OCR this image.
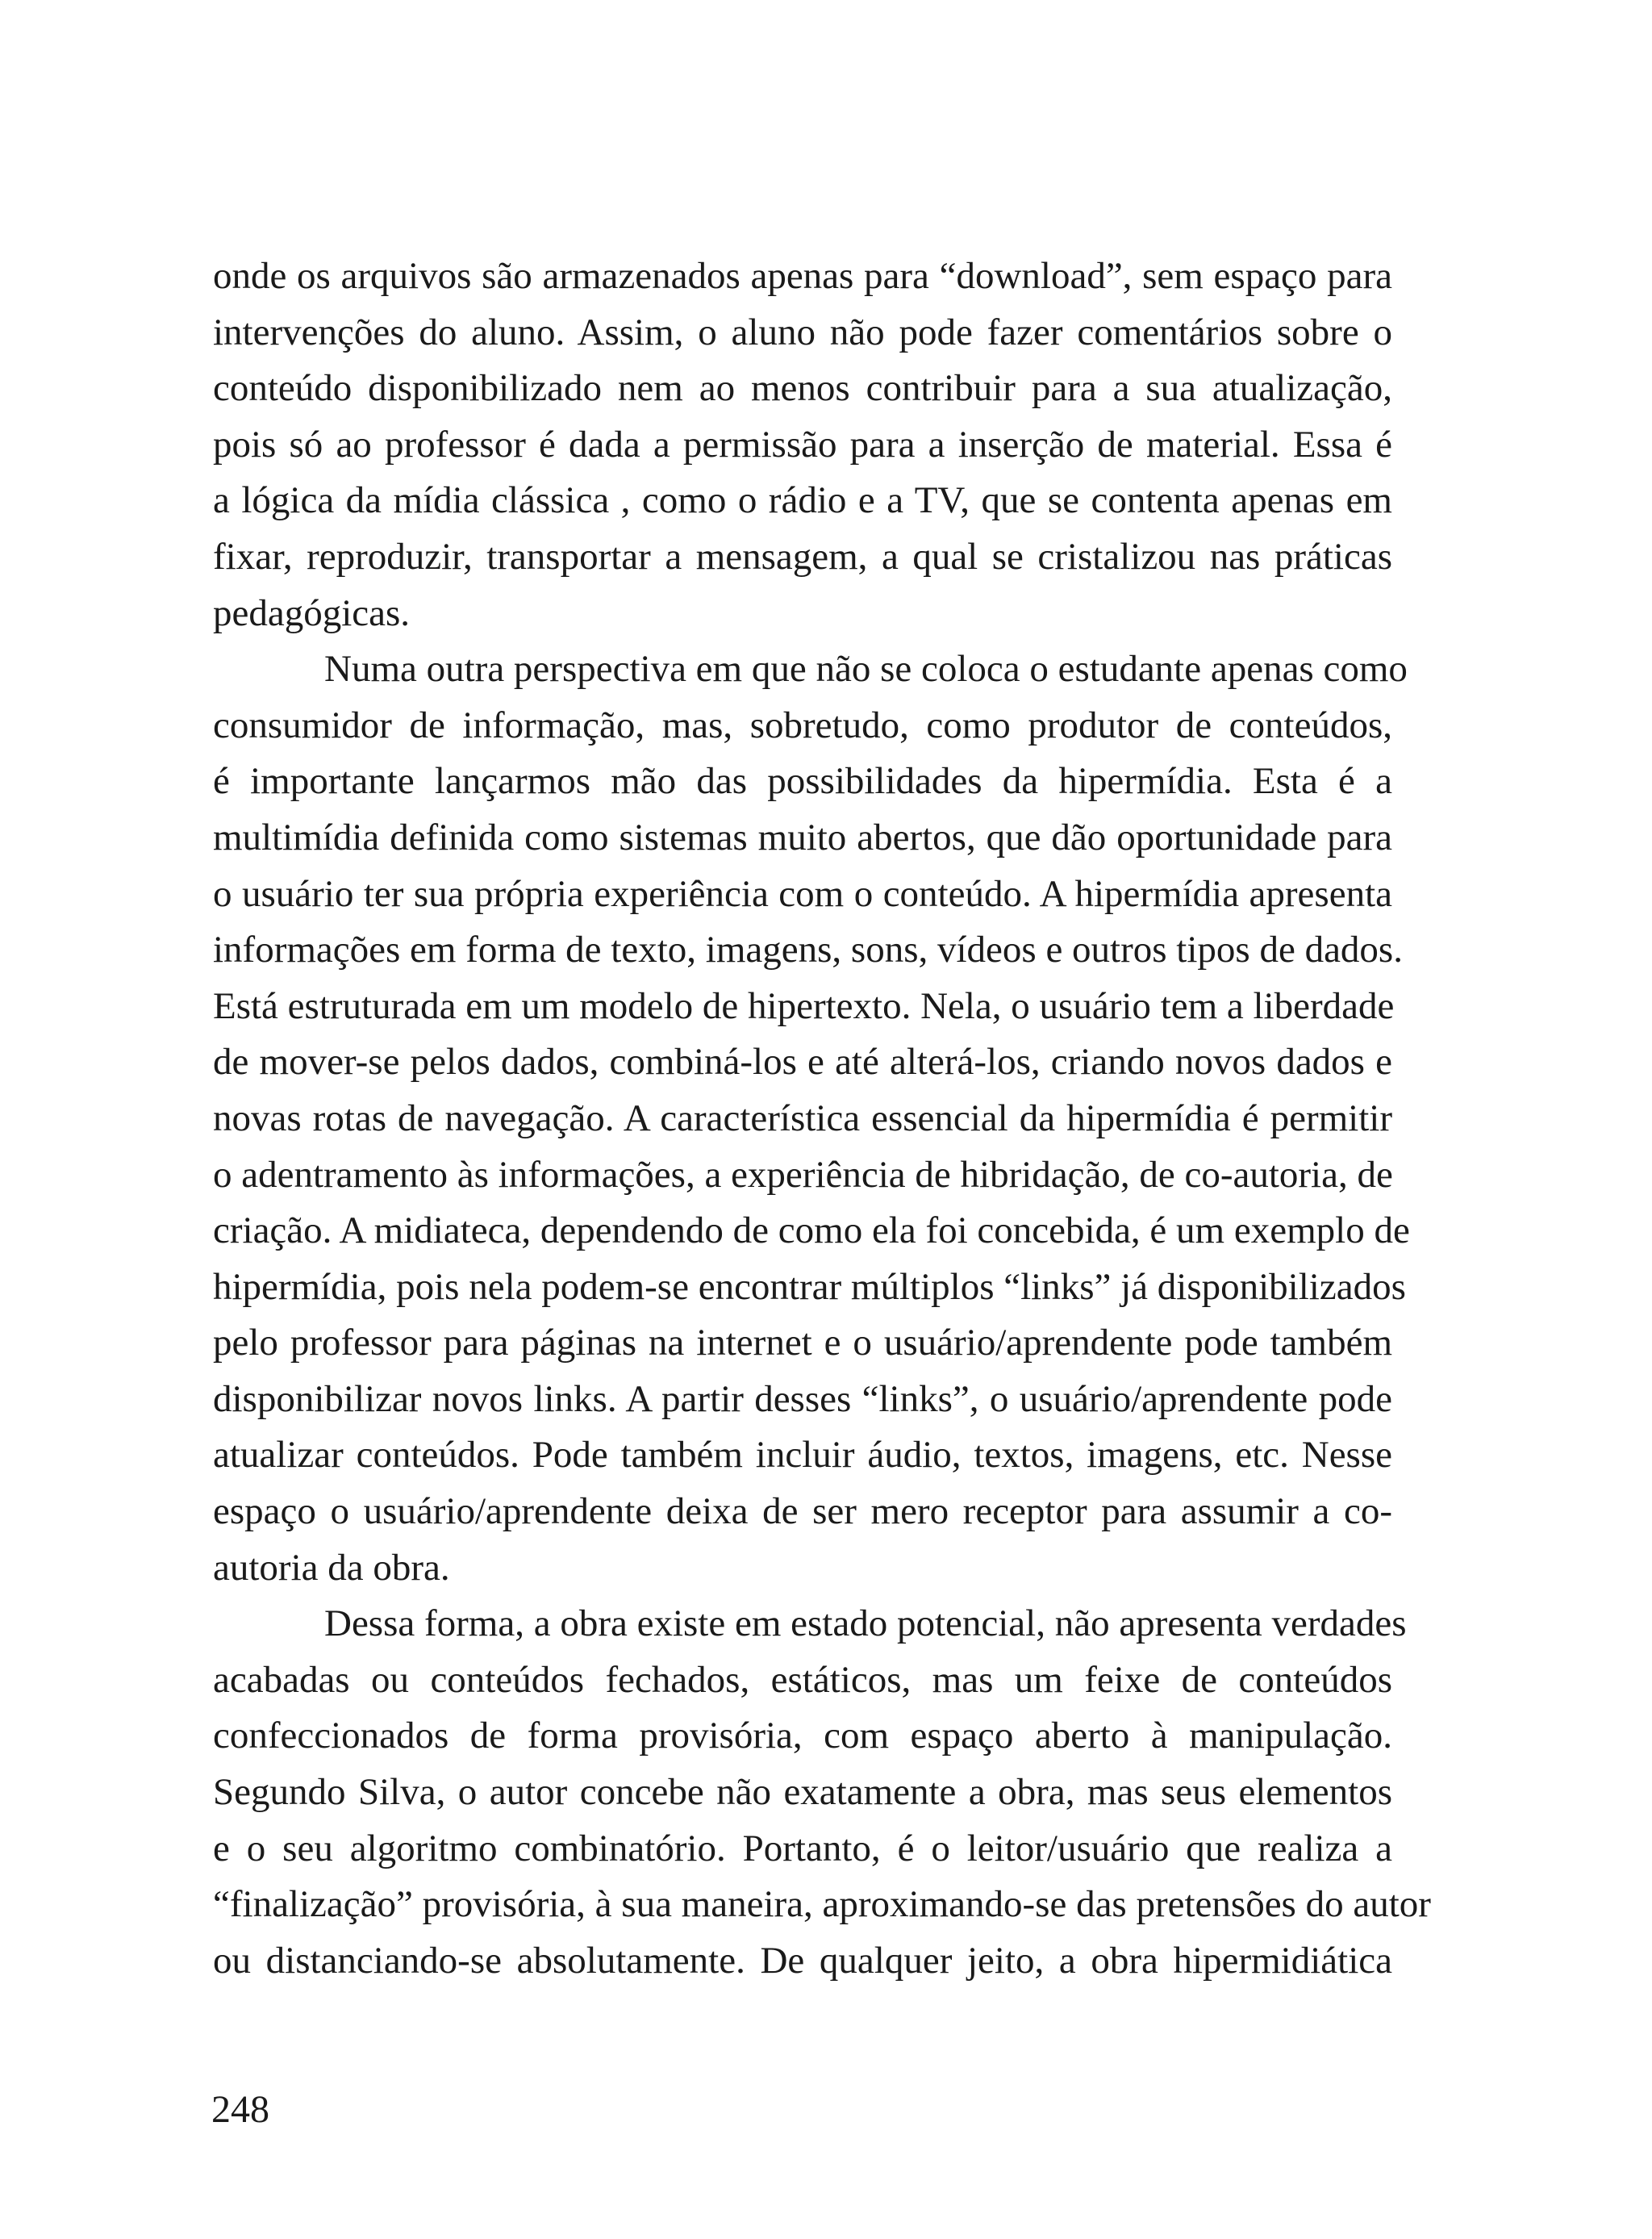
onde os arquivos são armazenados apenas para “download”, sem espaço para
intervenções do aluno. Assim, o aluno não pode fazer comentários sobre o
conteúdo disponibilizado nem ao menos contribuir para a sua atualização,
pois só ao professor é dada a permissão para a inserção de material. Essa é
a lógica da mídia clássica , como o rádio e a TV, que se contenta apenas em
fixar, reproduzir, transportar a mensagem, a qual se cristalizou nas práticas
pedagógicas.
Numa outra perspectiva em que não se coloca o estudante apenas como
consumidor de informação, mas, sobretudo, como produtor de conteúdos,
é importante lançarmos mão das possibilidades da hipermídia. Esta é a
multimídia definida como sistemas muito abertos, que dão oportunidade para
o usuário ter sua própria experiência com o conteúdo. A hipermídia apresenta
informações em forma de texto, imagens, sons, vídeos e outros tipos de dados.
Está estruturada em um modelo de hipertexto. Nela, o usuário tem a liberdade
de mover-se pelos dados, combiná-los e até alterá-los, criando novos dados e
novas rotas de navegação. A característica essencial da hipermídia é permitir
o adentramento às informações, a experiência de hibridação, de co-autoria, de
criação. A midiateca, dependendo de como ela foi concebida, é um exemplo de
hipermídia, pois nela podem-se encontrar múltiplos “links” já disponibilizados
pelo professor para páginas na internet e o usuário/aprendente pode também
disponibilizar novos links. A partir desses “links”, o usuário/aprendente pode
atualizar conteúdos. Pode também incluir áudio, textos, imagens, etc. Nesse
espaço o usuário/aprendente deixa de ser mero receptor para assumir a co-
autoria da obra.
Dessa forma, a obra existe em estado potencial, não apresenta verdades
acabadas ou conteúdos fechados, estáticos, mas um feixe de conteúdos
confeccionados de forma provisória, com espaço aberto à manipulação.
Segundo Silva, o autor concebe não exatamente a obra, mas seus elementos
e o seu algoritmo combinatório. Portanto, é o leitor/usuário que realiza a
“finalização” provisória, à sua maneira, aproximando-se das pretensões do autor
ou distanciando-se absolutamente. De qualquer jeito, a obra hipermidiática
248
